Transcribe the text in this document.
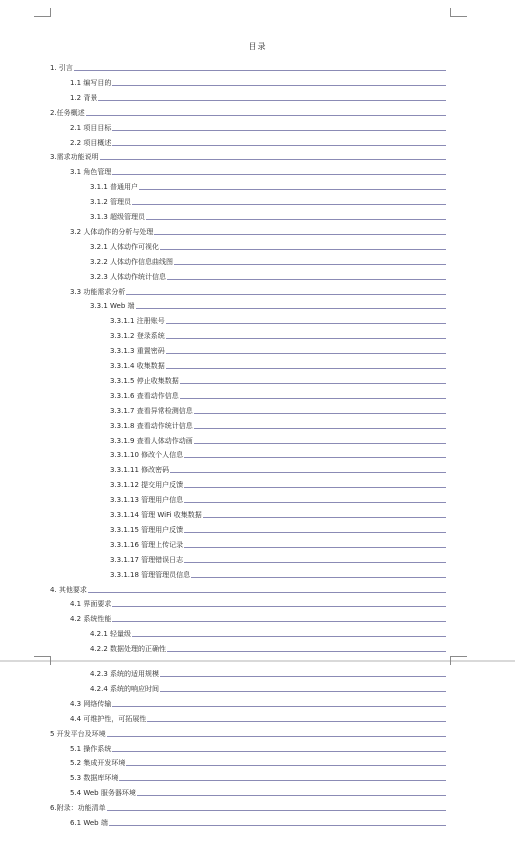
目录
1. 引言
1.1 编写目的
1.2 背景
2.任务概述
2.1 项目目标
2.2 项目概述
3.需求功能说明
3.1 角色管理
3.1.1 普通用户
3.1.2 管理员
3.1.3 超级管理员
3.2 人体动作的分析与处理
3.2.1 人体动作可视化
3.2.2 人体动作信息曲线图
3.2.3 人体动作统计信息
3.3 功能需求分析
3.3.1 Web 端
3.3.1.1 注册账号
3.3.1.2 登录系统
3.3.1.3 重置密码
3.3.1.4 收集数据
3.3.1.5 停止收集数据
3.3.1.6 查看动作信息
3.3.1.7 查看异常检测信息
3.3.1.8 查看动作统计信息
3.3.1.9 查看人体动作动画
3.3.1.10 修改个人信息
3.3.1.11 修改密码
3.3.1.12 提交用户反馈
3.3.1.13 管理用户信息
3.3.1.14 管理 WiFi 收集数据
3.3.1.15 管理用户反馈
3.3.1.16 管理上传记录
3.3.1.17 管理错误日志
3.3.1.18 管理管理员信息
4. 其他要求
4.1 界面要求
4.2 系统性能
4.2.1 轻量级
4.2.2 数据处理的正确性
4.2.3 系统的适用规模
4.2.4 系统的响应时间
4.3 网络传输
4.4 可维护性，可拓展性
5 开发平台及环境
5.1 操作系统
5.2 集成开发环境
5.3 数据库环境
5.4 Web 服务器环境
6.附录：功能清单
6.1 Web 端
